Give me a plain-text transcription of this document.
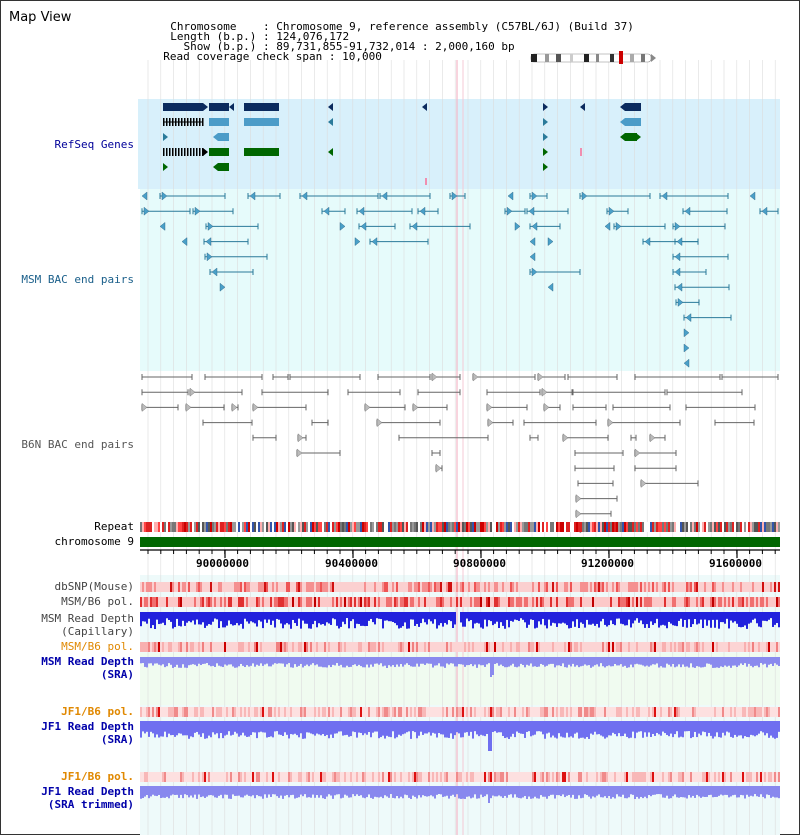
Map View

Chromosome    : Chromosome 9, reference assembly (C57BL/6J) (Build 37)

Length (b.p.) : 124,076,172

Show (b.p.) : 89,731,855-91,732,014 : 2,000,160 bp

Read coverage check span : 10,000

RefSeq Genes
MSM BAC end pairs
B6N BAC end pairs
Repeat
chromosome 9
dbSNP(Mouse)
MSM/B6 pol.
MSM Read Depth
(Capillary)
MSM/B6 pol.
MSM Read Depth
(SRA)
JF1/B6 pol.
JF1 Read Depth
(SRA)
JF1/B6 pol.
JF1 Read Depth
(SRA trimmed)
90000000	90400000	90800000	91200000	91600000
